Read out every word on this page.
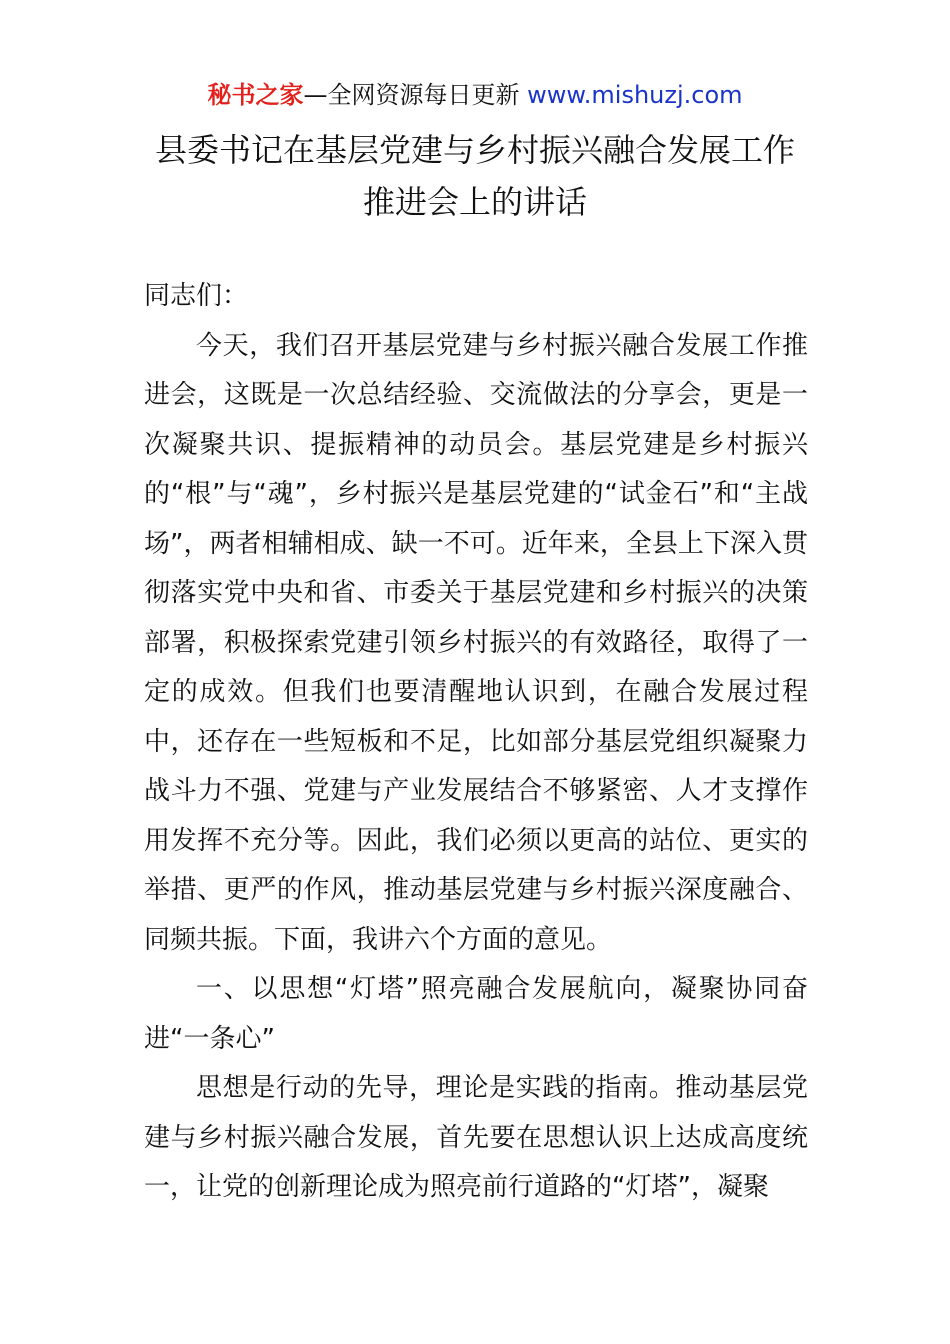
秘书之家—全网资源每日更新 www.mishuzj.com
县委书记在基层党建与乡村振兴融合发展工作
推进会上的讲话

同志们：

今天，我们召开基层党建与乡村振兴融合发展工作推进会，这既是一次总结经验、交流做法的分享会，更是一次凝聚共识、提振精神的动员会。基层党建是乡村振兴的“根”与“魂”，乡村振兴是基层党建的“试金石”和“主战场”，两者相辅相成、缺一不可。近年来，全县上下深入贯彻落实党中央和省、市委关于基层党建和乡村振兴的决策部署，积极探索党建引领乡村振兴的有效路径，取得了一定的成效。但我们也要清醒地认识到，在融合发展过程中，还存在一些短板和不足，比如部分基层党组织凝聚力战斗力不强、党建与产业发展结合不够紧密、人才支撑作用发挥不充分等。因此，我们必须以更高的站位、更实的举措、更严的作风，推动基层党建与乡村振兴深度融合、同频共振。下面，我讲六个方面的意见。

一、以思想“灯塔”照亮融合发展航向，凝聚协同奋进“一条心”

思想是行动的先导，理论是实践的指南。推动基层党建与乡村振兴融合发展，首先要在思想认识上达成高度统一，让党的创新理论成为照亮前行道路的“灯塔”，凝聚
